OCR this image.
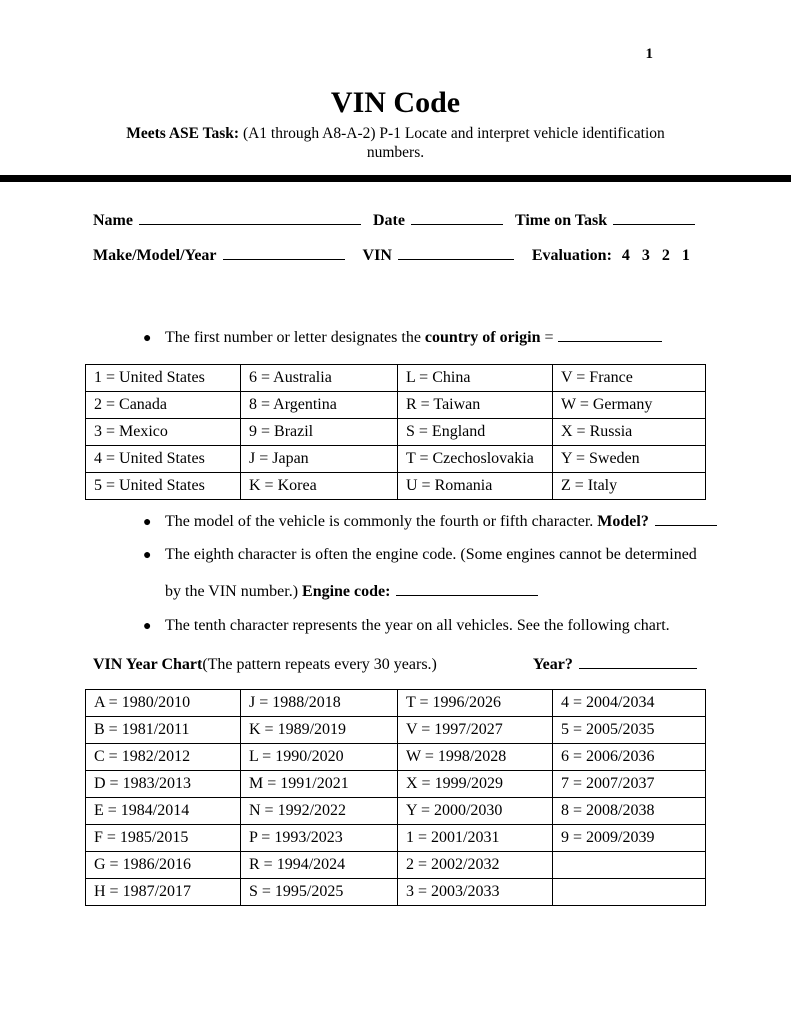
1
VIN Code
Meets ASE Task: (A1 through A8-A-2) P-1 Locate and interpret vehicle identification
numbers.
Name	Date	Time on Task
Make/Model/Year	VIN	Evaluation: 4   3   2   1
● The first number or letter designates the country of origin =
1 = United States	6 = Australia	L = China	V = France
2 = Canada	8 = Argentina	R = Taiwan	W = Germany
3 = Mexico	9 = Brazil	S = England	X = Russia
4 = United States	J = Japan	T = Czechoslovakia	Y = Sweden
5 = United States	K = Korea	U = Romania	Z = Italy
● The model of the vehicle is commonly the fourth or fifth character. Model?
● The eighth character is often the engine code. (Some engines cannot be determined
by the VIN number.) Engine code:
● The tenth character represents the year on all vehicles. See the following chart.
VIN Year Chart (The pattern repeats every 30 years.)	Year?
A = 1980/2010	J = 1988/2018	T = 1996/2026	4 = 2004/2034
B = 1981/2011	K = 1989/2019	V = 1997/2027	5 = 2005/2035
C = 1982/2012	L = 1990/2020	W = 1998/2028	6 = 2006/2036
D = 1983/2013	M = 1991/2021	X = 1999/2029	7 = 2007/2037
E = 1984/2014	N = 1992/2022	Y = 2000/2030	8 = 2008/2038
F = 1985/2015	P = 1993/2023	1 = 2001/2031	9 = 2009/2039
G = 1986/2016	R = 1994/2024	2 = 2002/2032	
H = 1987/2017	S = 1995/2025	3 = 2003/2033	
